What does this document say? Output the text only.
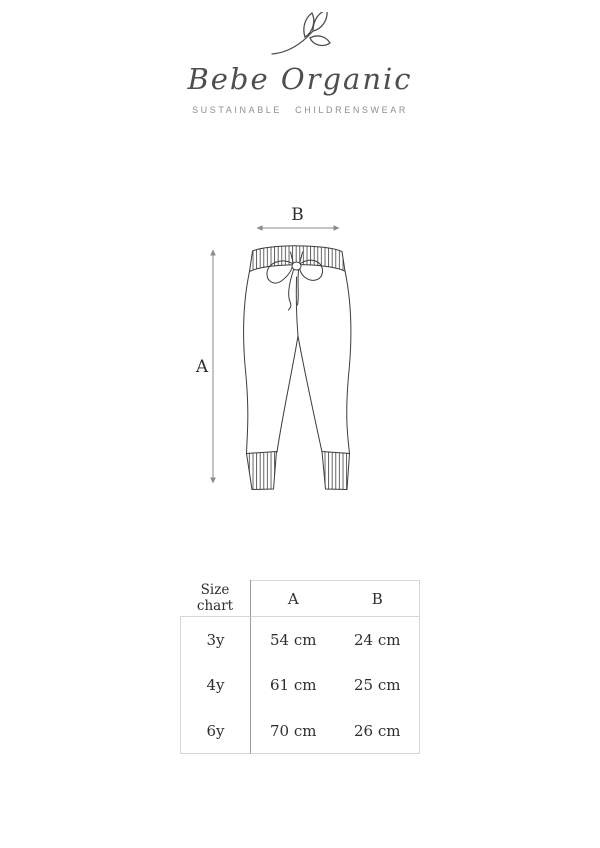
Bebe Organic
SUSTAINABLE CHILDRENSWEAR
B
A
Size chart	A	B
3y	54 cm	24 cm
4y	61 cm	25 cm
6y	70 cm	26 cm
